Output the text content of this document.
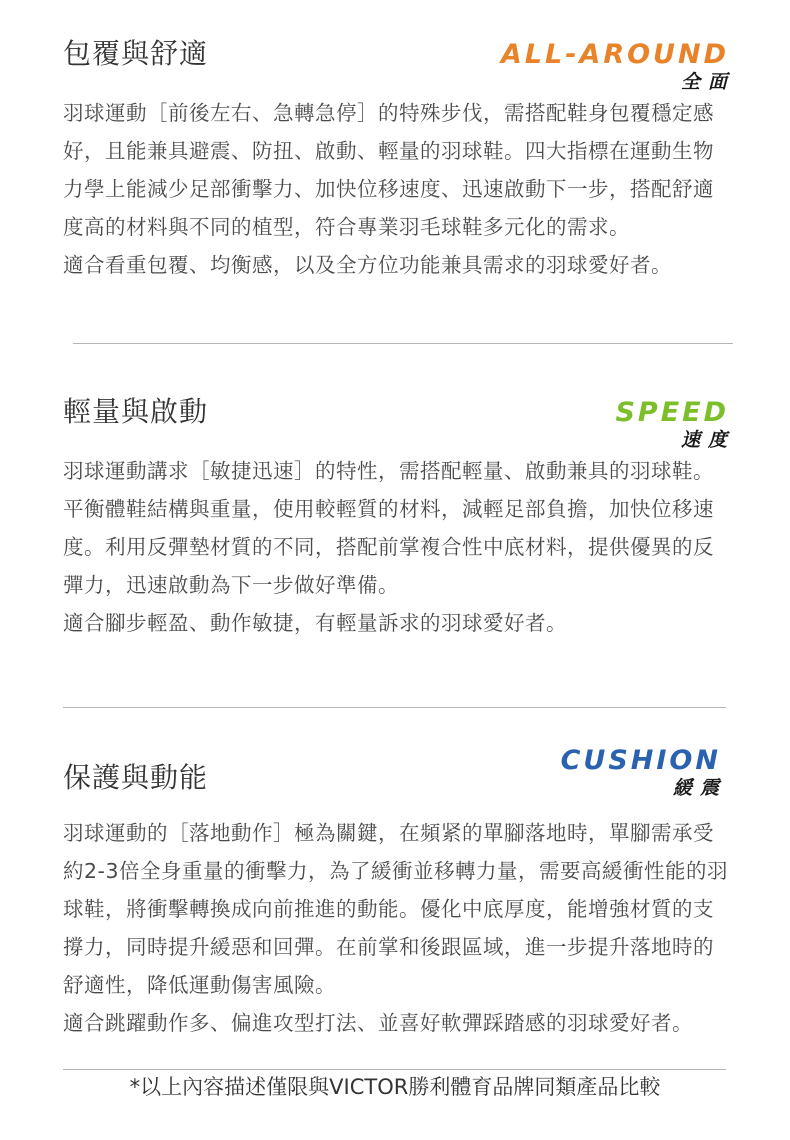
包覆與舒適	ALL-AROUND
全面

羽球運動［前後左右、急轉急停］的特殊步伐，需搭配鞋身包覆穩定感好，且能兼具避震、防扭、啟動、輕量的羽球鞋。四大指標在運動生物力學上能減少足部衝擊力、加快位移速度、迅速啟動下一步，搭配舒適度高的材料與不同的植型，符合專業羽毛球鞋多元化的需求。

適合看重包覆、均衡感，以及全方位功能兼具需求的羽球愛好者。

輕量與啟動	SPEED
速度

羽球運動講求［敏捷迅速］的特性，需搭配輕量、啟動兼具的羽球鞋。平衡體鞋結構與重量，使用較輕質的材料，減輕足部負擔，加快位移速度。利用反彈墊材質的不同，搭配前掌複合性中底材料，提供優異的反彈力，迅速啟動為下一步做好準備。

適合腳步輕盈、動作敏捷，有輕量訴求的羽球愛好者。

保護與動能
CUSHION
緩震

羽球運動的［落地動作］極為關鍵，在頻紧的單腳落地時，單腳需承受約2-3倍全身重量的衝擊力，為了緩衝並移轉力量，需要高緩衝性能的羽球鞋，將衝擊轉換成向前推進的動能。優化中底厚度，能增強材質的支撐力，同時提升緩惡和回彈。在前掌和後跟區域，進一步提升落地時的舒適性，降低運動傷害風險。

適合跳躍動作多、偏進攻型打法、並喜好軟彈踩踏感的羽球愛好者。

*以上內容描述僅限與VICTOR勝利體育品牌同類產品比較
